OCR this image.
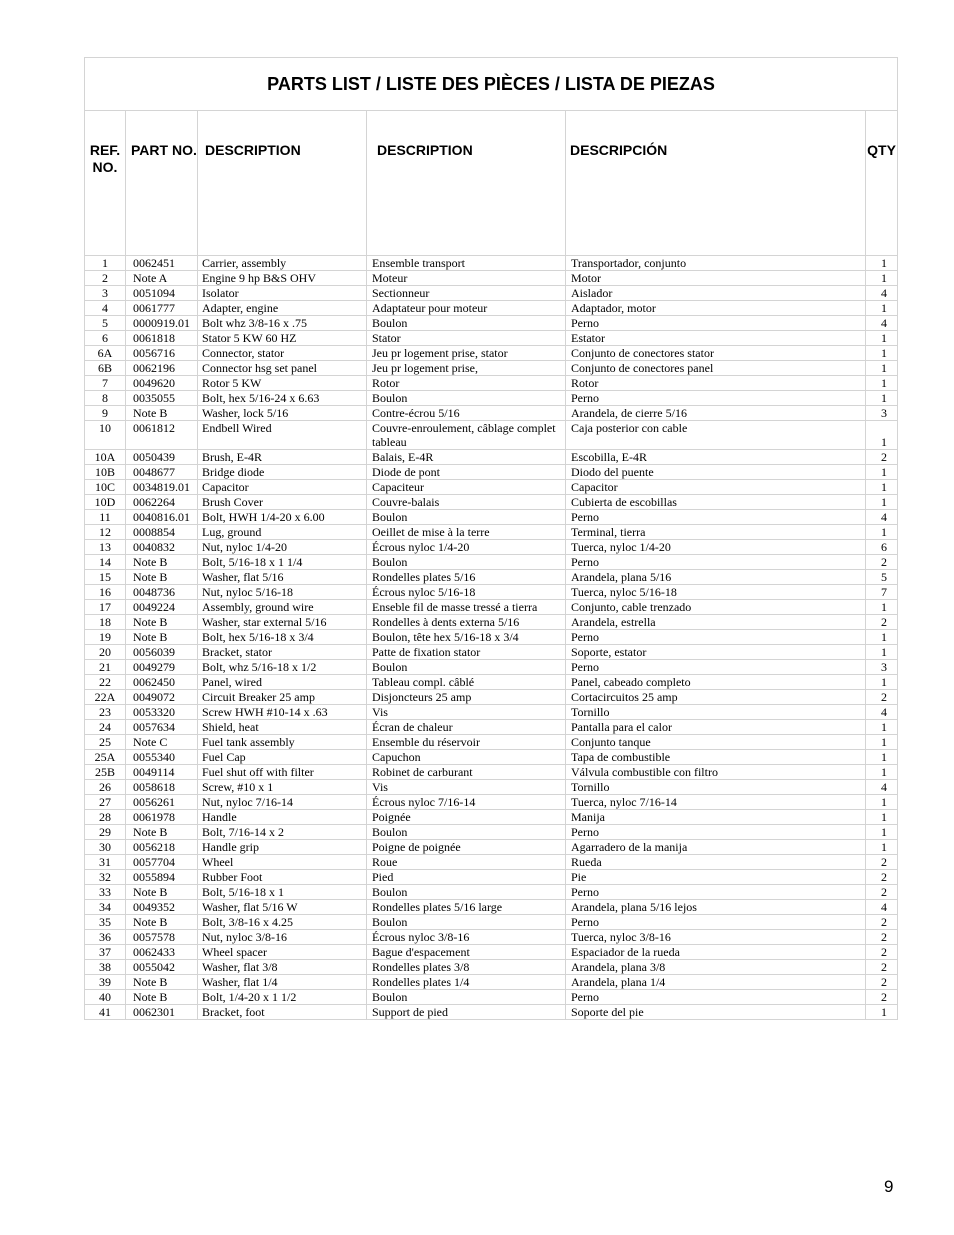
PARTS LIST / LISTE DES PIÈCES / LISTA DE PIEZAS					
REF. NO.	PART NO.	DESCRIPTION	DESCRIPTION	DESCRIPCIÓN	QTY
1	0062451	Carrier, assembly	Ensemble transport	Transportador, conjunto	1
2	Note A	Engine 9 hp B&S OHV	Moteur	Motor	1
3	0051094	Isolator	Sectionneur	Aislador	4
4	0061777	Adapter, engine	Adaptateur pour moteur	Adaptador, motor	1
5	0000919.01	Bolt whz 3/8-16 x .75	Boulon	Perno	4
6	0061818	Stator 5 KW 60 HZ	Stator	Estator	1
6A	0056716	Connector, stator	Jeu pr logement prise, stator	Conjunto de conectores stator	1
6B	0062196	Connector hsg set panel	Jeu pr logement prise,	Conjunto de conectores panel	1
7	0049620	Rotor 5 KW	Rotor	Rotor	1
8	0035055	Bolt, hex 5/16-24 x 6.63	Boulon	Perno	1
9	Note B	Washer, lock 5/16	Contre-écrou 5/16	Arandela, de cierre 5/16	3
10	0061812	Endbell Wired	Couvre-enroulement, câblage complet tableau	Caja posterior con cable	1
10A	0050439	Brush, E-4R	Balais, E-4R	Escobilla, E-4R	2
10B	0048677	Bridge diode	Diode de pont	Diodo del puente	1
10C	0034819.01	Capacitor	Capaciteur	Capacitor	1
10D	0062264	Brush Cover	Couvre-balais	Cubierta de escobillas	1
11	0040816.01	Bolt, HWH 1/4-20 x 6.00	Boulon	Perno	4
12	0008854	Lug, ground	Oeillet de mise à la terre	Terminal, tierra	1
13	0040832	Nut, nyloc 1/4-20	Écrous nyloc 1/4-20	Tuerca, nyloc 1/4-20	6
14	Note B	Bolt, 5/16-18 x 1 1/4	Boulon	Perno	2
15	Note B	Washer, flat 5/16	Rondelles plates 5/16	Arandela, plana 5/16	5
16	0048736	Nut, nyloc 5/16-18	Écrous nyloc 5/16-18	Tuerca, nyloc 5/16-18	7
17	0049224	Assembly, ground wire	Enseble fil de masse tressé a tierra	Conjunto, cable trenzado	1
18	Note B	Washer, star external 5/16	Rondelles à dents externa 5/16	Arandela, estrella	2
19	Note B	Bolt, hex 5/16-18 x 3/4	Boulon, tête hex 5/16-18 x 3/4	Perno	1
20	0056039	Bracket, stator	Patte de fixation stator	Soporte, estator	1
21	0049279	Bolt, whz 5/16-18 x 1/2	Boulon	Perno	3
22	0062450	Panel, wired	Tableau compl. câblé	Panel, cabeado completo	1
22A	0049072	Circuit Breaker 25 amp	Disjoncteurs 25 amp	Cortacircuitos 25 amp	2
23	0053320	Screw HWH #10-14 x .63	Vis	Tornillo	4
24	0057634	Shield, heat	Écran de chaleur	Pantalla para el calor	1
25	Note C	Fuel tank assembly	Ensemble du réservoir	Conjunto tanque	1
25A	0055340	Fuel Cap	Capuchon	Tapa de combustible	1
25B	0049114	Fuel shut off with filter	Robinet de carburant	Válvula combustible con filtro	1
26	0058618	Screw, #10 x 1	Vis	Tornillo	4
27	0056261	Nut, nyloc 7/16-14	Écrous nyloc 7/16-14	Tuerca, nyloc 7/16-14	1
28	0061978	Handle	Poignée	Manija	1
29	Note B	Bolt, 7/16-14 x 2	Boulon	Perno	1
30	0056218	Handle grip	Poigne de poignée	Agarradero de la manija	1
31	0057704	Wheel	Roue	Rueda	2
32	0055894	Rubber Foot	Pied	Pie	2
33	Note B	Bolt, 5/16-18 x 1	Boulon	Perno	2
34	0049352	Washer, flat 5/16 W	Rondelles plates 5/16 large	Arandela, plana 5/16 lejos	4
35	Note B	Bolt, 3/8-16 x 4.25	Boulon	Perno	2
36	0057578	Nut, nyloc 3/8-16	Écrous nyloc 3/8-16	Tuerca, nyloc 3/8-16	2
37	0062433	Wheel spacer	Bague d'espacement	Espaciador de la rueda	2
38	0055042	Washer, flat 3/8	Rondelles plates 3/8	Arandela, plana 3/8	2
39	Note B	Washer, flat 1/4	Rondelles plates 1/4	Arandela, plana 1/4	2
40	Note B	Bolt, 1/4-20 x 1 1/2	Boulon	Perno	2
41	0062301	Bracket, foot	Support de pied	Soporte del pie	1
9
